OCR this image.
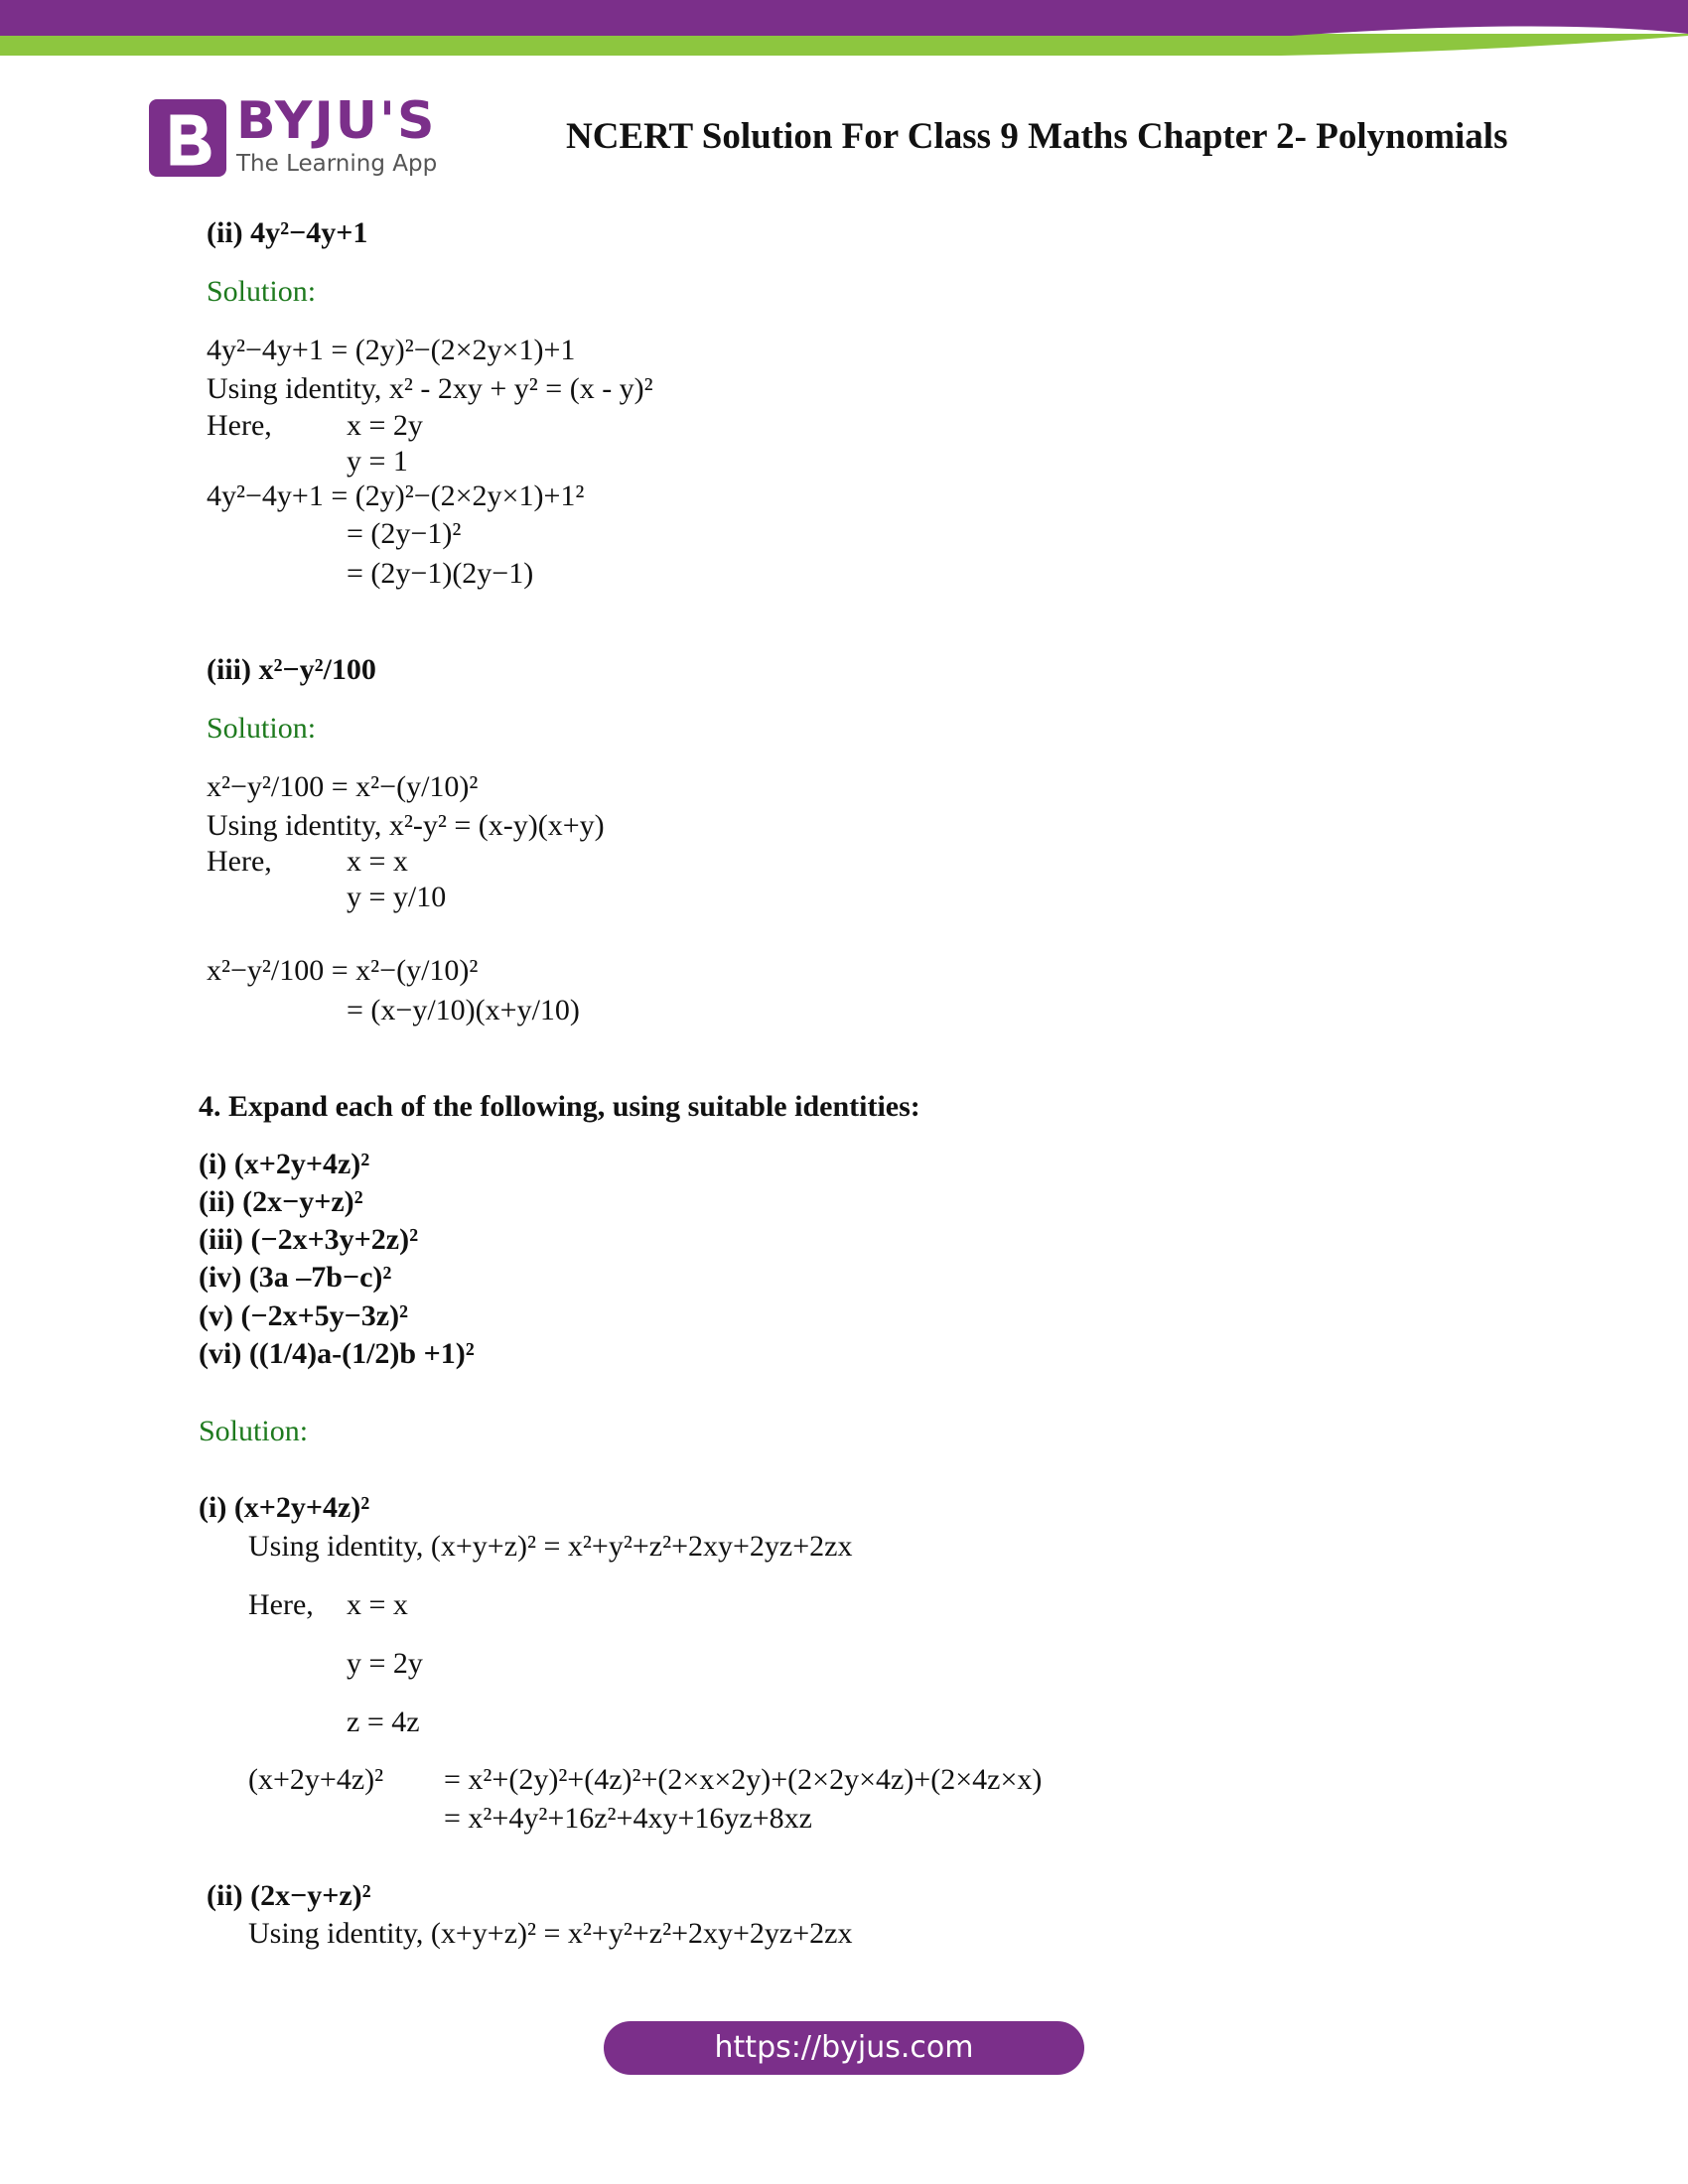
BYJU'S
The Learning App
NCERT Solution For Class 9 Maths Chapter 2- Polynomials
(ii) 4y²−4y+1
Solution:
4y²−4y+1 = (2y)²−(2×2y×1)+1
Using identity, x² - 2xy + y² = (x - y)²
Here,	x = 2y
y = 1
4y²−4y+1 = (2y)²−(2×2y×1)+1²
= (2y−1)²
= (2y−1)(2y−1)
(iii) x²−y²/100
Solution:
x²−y²/100 = x²−(y/10)²
Using identity, x²-y² = (x-y)(x+y)
Here,	x = x
y = y/10
x²−y²/100 = x²−(y/10)²
= (x−y/10)(x+y/10)
4. Expand each of the following, using suitable identities:
(i) (x+2y+4z)²
(ii) (2x−y+z)²
(iii) (−2x+3y+2z)²
(iv) (3a –7b−c)²
(v) (−2x+5y−3z)²
(vi) ((1/4)a-(1/2)b +1)²
Solution:
(i) (x+2y+4z)²
Using identity, (x+y+z)² = x²+y²+z²+2xy+2yz+2zx
Here, x = x
y = 2y
z = 4z
(x+2y+4z)² = x²+(2y)²+(4z)²+(2×x×2y)+(2×2y×4z)+(2×4z×x)
= x²+4y²+16z²+4xy+16yz+8xz
(ii) (2x−y+z)²
Using identity, (x+y+z)² = x²+y²+z²+2xy+2yz+2zx
https://byjus.com
